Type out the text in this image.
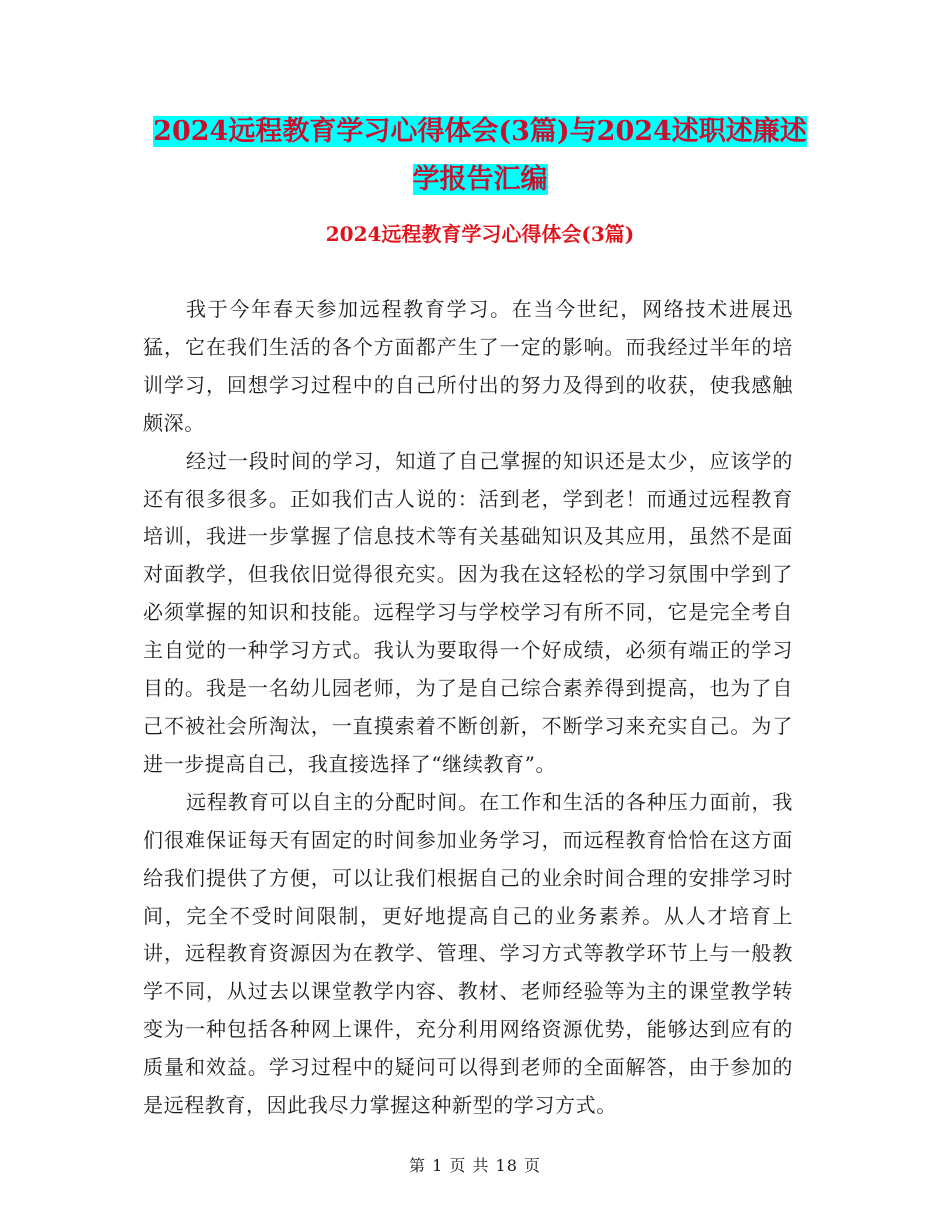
2024远程教育学习心得体会(3篇)与2024述职述廉述
学报告汇编
2024远程教育学习心得体会(3篇)

我于今年春天参加远程教育学习。在当今世纪，网络技术进展迅猛，它在我们生活的各个方面都产生了一定的影响。而我经过半年的培训学习，回想学习过程中的自己所付出的努力及得到的收获，使我感触颇深。

经过一段时间的学习，知道了自己掌握的知识还是太少，应该学的还有很多很多。正如我们古人说的：活到老，学到老！而通过远程教育培训，我进一步掌握了信息技术等有关基础知识及其应用，虽然不是面对面教学，但我依旧觉得很充实。因为我在这轻松的学习氛围中学到了必须掌握的知识和技能。远程学习与学校学习有所不同，它是完全考自主自觉的一种学习方式。我认为要取得一个好成绩，必须有端正的学习目的。我是一名幼儿园老师，为了是自己综合素养得到提高，也为了自己不被社会所淘汰，一直摸索着不断创新，不断学习来充实自己。为了进一步提高自己，我直接选择了“继续教育”。

远程教育可以自主的分配时间。在工作和生活的各种压力面前，我们很难保证每天有固定的时间参加业务学习，而远程教育恰恰在这方面给我们提供了方便，可以让我们根据自己的业余时间合理的安排学习时间，完全不受时间限制，更好地提高自己的业务素养。从人才培育上讲，远程教育资源因为在教学、管理、学习方式等教学环节上与一般教学不同，从过去以课堂教学内容、教材、老师经验等为主的课堂教学转变为一种包括各种网上课件，充分利用网络资源优势，能够达到应有的质量和效益。学习过程中的疑问可以得到老师的全面解答，由于参加的是远程教育，因此我尽力掌握这种新型的学习方式。

第 1 页 共 18 页
